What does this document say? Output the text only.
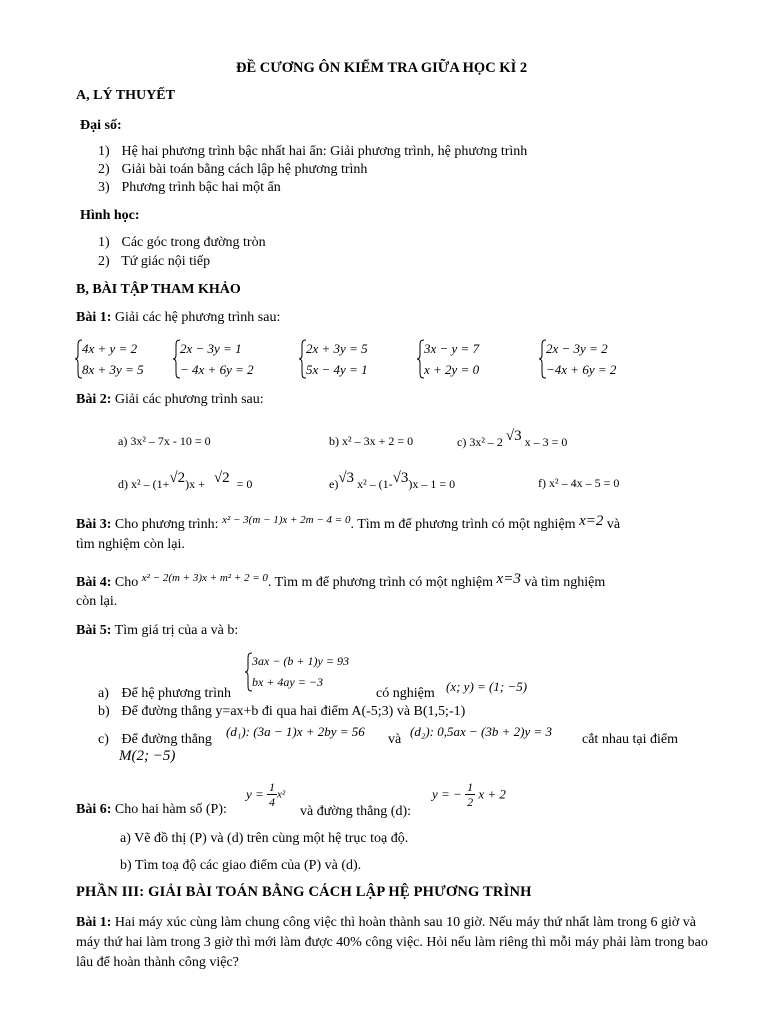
ĐỀ CƯƠNG ÔN KIỂM TRA GIỮA HỌC KÌ 2
A, LÝ THUYẾT
Đại số:
1) Hệ hai phương trình bậc nhất hai ẩn: Giải phương trình, hệ phương trình
2) Giải bài toán bằng cách lập hệ phương trình
3) Phương trình bậc hai một ẩn
Hình học:
1) Các góc trong đường tròn
2) Tứ giác nội tiếp
B, BÀI TẬP THAM KHẢO
Bài 1: Giải các hệ phương trình sau:
4x + y = 2
8x + 3y = 5
2x − 3y = 1
− 4x + 6y = 2
2x + 3y = 5
5x − 4y = 1
3x − y = 7
x + 2y = 0
2x − 3y = 2
−4x + 6y = 2
Bài 2: Giải các phương trình sau:
a) 3x² – 7x - 10 = 0	b) x² – 3x + 2 = 0	c) 3x² – 2 √3 x – 3 = 0
d) x² – (1+√2)x + √2 = 0	e)√3 x² – (1-√3)x – 1 = 0	f) x² – 4x – 5 = 0
Bài 3: Cho phương trình: $^{x^2 - 3(m - 1)x + 2m - 4 = 0}$. Tìm m để phương trình có một nghiệm x=2 và
tìm nghiệm còn lại.
Bài 4: Cho $^{x^2 - 2(m + 3)x + m^2 + 2 = 0}$. Tìm m để phương trình có một nghiệm x=3 và tìm nghiệm
còn lại.
Bài 5: Tìm giá trị của a và b:
3ax − (b + 1)y = 93
bx + 4ay = −3
a) Để hệ phương trình	có nghiệm (x; y) = (1; −5)
b) Để đường thẳng y=ax+b đi qua hai điểm A(-5;3) và B(1,5;-1)
c) Để đường thẳng
(d₁): (3a − 1)x + 2by = 56
và
(d₂): 0,5ax − (3b + 2)y = 3
cắt nhau tại điểm
M(2; −5)
Bài 6: Cho hai hàm số (P):
$y = \frac{1}{4} x^2$
và đường thẳng (d):
y = − $\frac{1}{2}$ x + 2
a) Vẽ đồ thị (P) và (d) trên cùng một hệ trục toạ độ.
b) Tìm toạ độ các giao điểm của (P) và (d).
PHẦN III: GIẢI BÀI TOÁN BẰNG CÁCH LẬP HỆ PHƯƠNG TRÌNH
Bài 1: Hai máy xúc cùng làm chung công việc thì hoàn thành sau 10 giờ. Nếu máy thứ nhất làm trong 6 giờ và máy thứ hai làm trong 3 giờ thì mới làm được 40% công việc. Hỏi nếu làm riêng thì mỗi máy phải làm trong bao lâu để hoàn thành công việc?
